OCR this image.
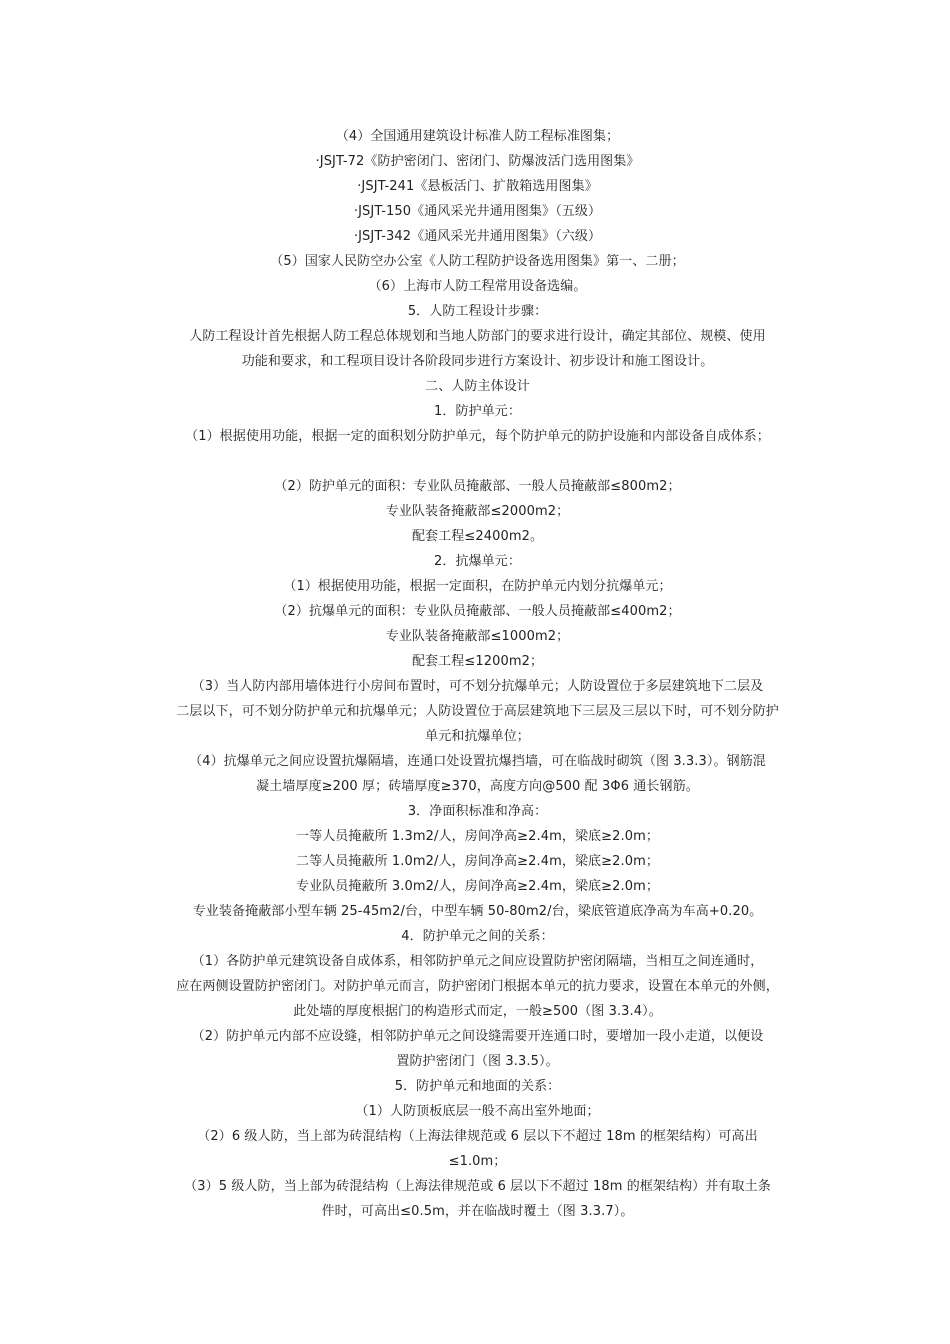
（4）全国通用建筑设计标准人防工程标准图集；
·JSJT-72《防护密闭门、密闭门、防爆波活门选用图集》
·JSJT-241《悬板活门、扩散箱选用图集》
·JSJT-150《通风采光井通用图集》（五级）
·JSJT-342《通风采光井通用图集》（六级）
（5）国家人民防空办公室《人防工程防护设备选用图集》第一、二册；
（6）上海市人防工程常用设备选编。
5．人防工程设计步骤：
人防工程设计首先根据人防工程总体规划和当地人防部门的要求进行设计，确定其部位、规模、使用
功能和要求，和工程项目设计各阶段同步进行方案设计、初步设计和施工图设计。
二、人防主体设计
1．防护单元：
（1）根据使用功能，根据一定的面积划分防护单元，每个防护单元的防护设施和内部设备自成体系；
（2）防护单元的面积：专业队员掩蔽部、一般人员掩蔽部≤800m2；
专业队装备掩蔽部≤2000m2；
配套工程≤2400m2。
2．抗爆单元：
（1）根据使用功能，根据一定面积，在防护单元内划分抗爆单元；
（2）抗爆单元的面积：专业队员掩蔽部、一般人员掩蔽部≤400m2；
专业队装备掩蔽部≤1000m2；
配套工程≤1200m2；
（3）当人防内部用墙体进行小房间布置时，可不划分抗爆单元；人防设置位于多层建筑地下二层及
二层以下，可不划分防护单元和抗爆单元；人防设置位于高层建筑地下三层及三层以下时，可不划分防护
单元和抗爆单位；
（4）抗爆单元之间应设置抗爆隔墙，连通口处设置抗爆挡墙，可在临战时砌筑（图 3.3.3）。钢筋混
凝土墙厚度≥200 厚；砖墙厚度≥370，高度方向@500 配 3Φ6 通长钢筋。
3．净面积标准和净高：
一等人员掩蔽所 1.3m2/人，房间净高≥2.4m，梁底≥2.0m；
二等人员掩蔽所 1.0m2/人，房间净高≥2.4m，梁底≥2.0m；
专业队员掩蔽所 3.0m2/人，房间净高≥2.4m，梁底≥2.0m；
专业装备掩蔽部小型车辆 25-45m2/台，中型车辆 50-80m2/台，梁底管道底净高为车高+0.20。
4．防护单元之间的关系：
（1）各防护单元建筑设备自成体系，相邻防护单元之间应设置防护密闭隔墙，当相互之间连通时，
应在两侧设置防护密闭门。对防护单元而言，防护密闭门根据本单元的抗力要求，设置在本单元的外侧，
此处墙的厚度根据门的构造形式而定，一般≥500（图 3.3.4）。
（2）防护单元内部不应设缝，相邻防护单元之间设缝需要开连通口时，要增加一段小走道，以便设
置防护密闭门（图 3.3.5）。
5．防护单元和地面的关系：
（1）人防顶板底层一般不高出室外地面；
（2）6 级人防，当上部为砖混结构（上海法律规范或 6 层以下不超过 18m 的框架结构）可高出
≤1.0m；
（3）5 级人防，当上部为砖混结构（上海法律规范或 6 层以下不超过 18m 的框架结构）并有取土条
件时，可高出≤0.5m，并在临战时覆土（图 3.3.7）。
